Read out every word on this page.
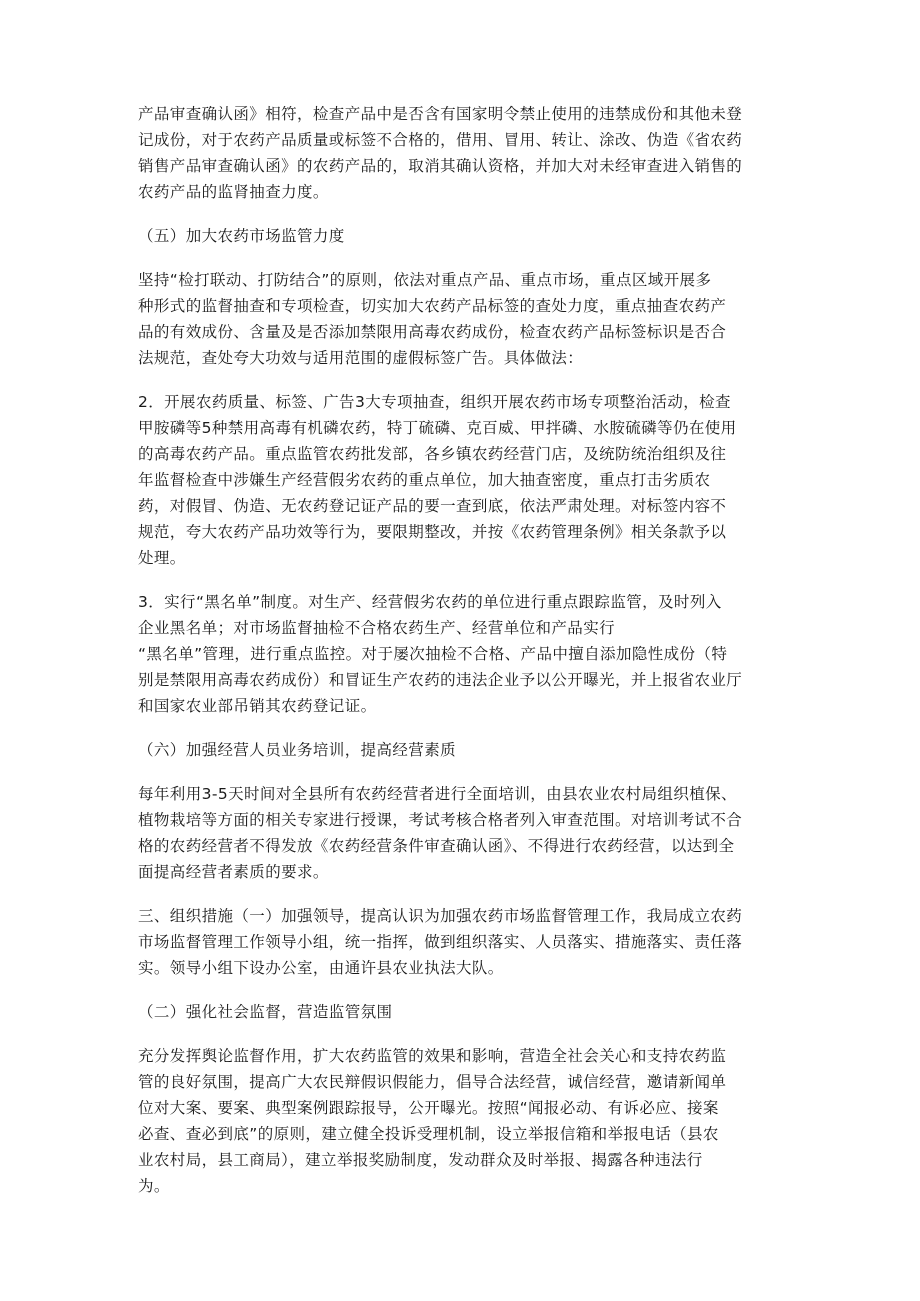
产品审查确认函》相符，检查产品中是否含有国家明令禁止使用的违禁成份和其他未登
记成份，对于农药产品质量或标签不合格的，借用、冒用、转让、涂改、伪造《省农药
销售产品审查确认函》的农药产品的，取消其确认资格，并加大对未经审查进入销售的
农药产品的监肾抽查力度。

（五）加大农药市场监管力度

坚持“检打联动、打防结合”的原则，依法对重点产品、重点市场，重点区域开展多
种形式的监督抽查和专项检查，切实加大农药产品标签的查处力度，重点抽查农药产
品的有效成份、含量及是否添加禁限用高毒农药成份，检查农药产品标签标识是否合
法规范，查处夸大功效与适用范围的虚假标签广告。具体做法：

2．开展农药质量、标签、广告3大专项抽查，组织开展农药市场专项整治活动，检查
甲胺磷等5种禁用高毒有机磷农药，特丁硫磷、克百威、甲拌磷、水胺硫磷等仍在使用
的高毒农药产品。重点监管农药批发部，各乡镇农药经营门店，及统防统治组织及往
年监督检查中涉嫌生产经营假劣农药的重点单位，加大抽查密度，重点打击劣质农
药，对假冒、伪造、无农药登记证产品的要一查到底，依法严肃处理。对标签内容不
规范，夸大农药产品功效等行为，要限期整改，并按《农药管理条例》相关条款予以
处理。

3．实行“黑名单”制度。对生产、经营假劣农药的单位进行重点跟踪监管，及时列入
企业黑名单；对市场监督抽检不合格农药生产、经营单位和产品实行
“黑名单”管理，进行重点监控。对于屡次抽检不合格、产品中擅自添加隐性成份（特
别是禁限用高毒农药成份）和冒证生产农药的违法企业予以公开曝光，并上报省农业厅
和国家农业部吊销其农药登记证。

（六）加强经营人员业务培训，提高经营素质

每年利用3-5天时间对全县所有农药经营者进行全面培训，由县农业农村局组织植保、
植物栽培等方面的相关专家进行授课，考试考核合格者列入审查范围。对培训考试不合
格的农药经营者不得发放《农药经营条件审查确认函》、不得进行农药经营，以达到全
面提高经营者素质的要求。

三、组织措施（一）加强领导，提高认识为加强农药市场监督管理工作，我局成立农药
市场监督管理工作领导小组，统一指挥，做到组织落实、人员落实、措施落实、责任落
实。领导小组下设办公室，由通许县农业执法大队。

（二）强化社会监督，营造监管氛围

充分发挥舆论监督作用，扩大农药监管的效果和影响，营造全社会关心和支持农药监
管的良好氛围，提高广大农民辩假识假能力，倡导合法经营，诚信经营，邀请新闻单
位对大案、要案、典型案例跟踪报导，公开曝光。按照“闻报必动、有诉必应、接案
必查、查必到底”的原则，建立健全投诉受理机制，设立举报信箱和举报电话（县农
业农村局，县工商局），建立举报奖励制度，发动群众及时举报、揭露各种违法行
为。
